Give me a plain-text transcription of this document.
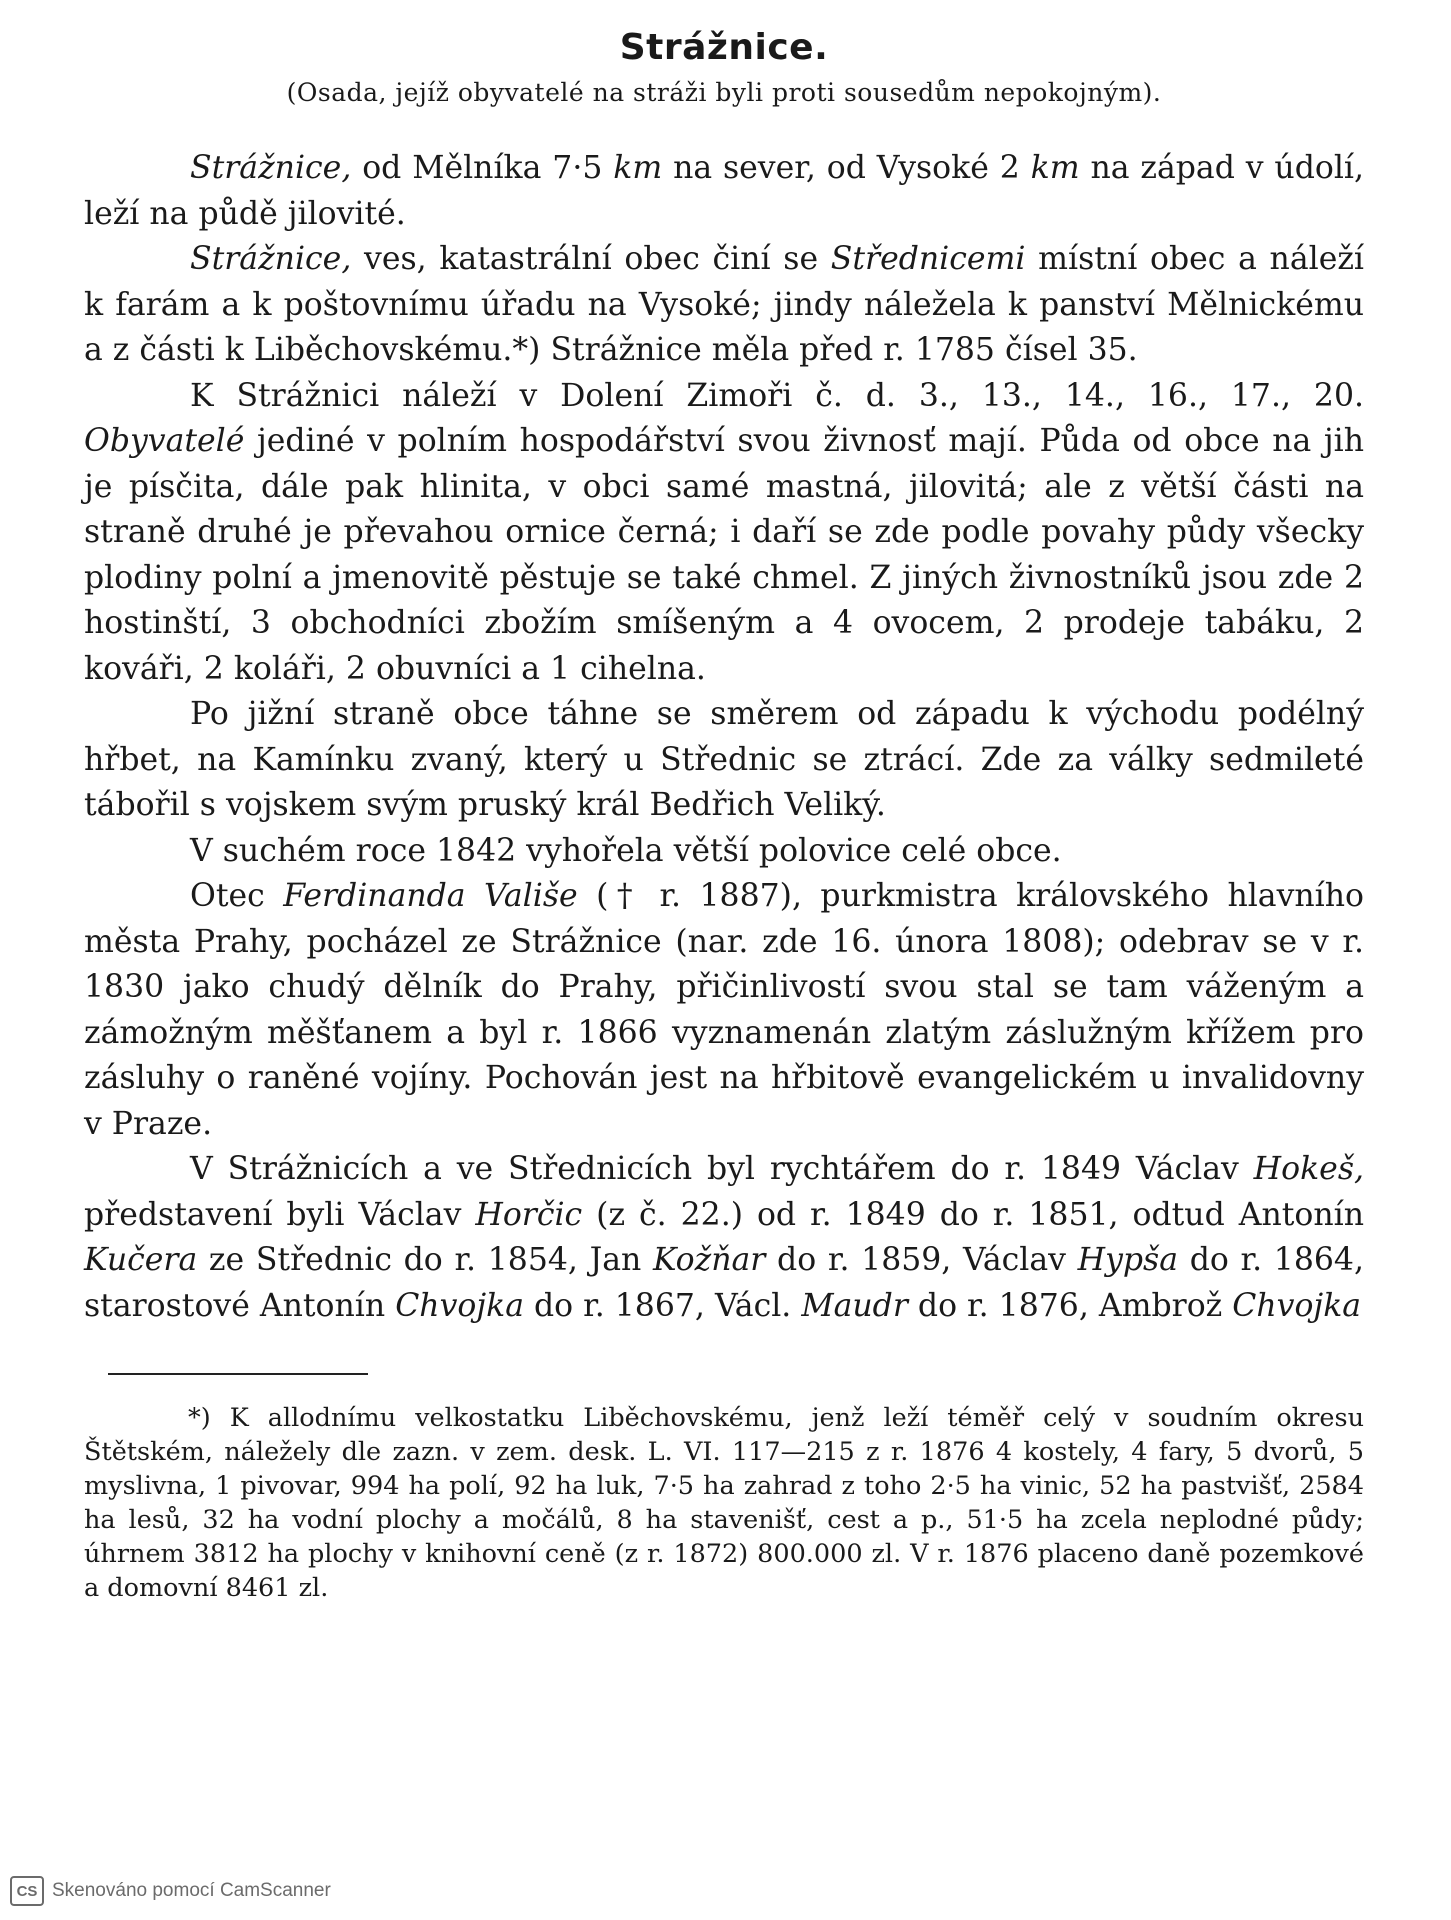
Strážnice.
(Osada, jejíž obyvatelé na stráži byli proti sousedům nepokojným).

Strážnice, od Mělníka 7·5 km na sever, od Vysoké 2 km na západ v údolí, leží na půdě jilovité.

Strážnice, ves, katastrální obec činí se Střednicemi místní obec a náleží k farám a k poštovnímu úřadu na Vysoké; jindy náležela k panství Mělnickému a z části k Liběchovskému.*) Strážnice měla před r. 1785 čísel 35.

K Strážnici náleží v Dolení Zimoři č. d. 3., 13., 14., 16., 17., 20. Obyvatelé jediné v polním hospodářství svou živnosť mají. Půda od obce na jih je písčita, dále pak hlinita, v obci samé mastná, jilovitá; ale z větší části na straně druhé je převahou ornice černá; i daří se zde podle povahy půdy všecky plodiny polní a jmenovitě pěstuje se také chmel. Z jiných živnostníků jsou zde 2 hostinští, 3 obchodníci zbožím smíšeným a 4 ovocem, 2 prodeje tabáku, 2 kováři, 2 koláři, 2 obuvníci a 1 cihelna.

Po jižní straně obce táhne se směrem od západu k východu podélný hřbet, na Kamínku zvaný, který u Střednic se ztrácí. Zde za války sedmileté tábořil s vojskem svým pruský král Bedřich Veliký.

V suchém roce 1842 vyhořela větší polovice celé obce.

Otec Ferdinanda Vališe († r. 1887), purkmistra královského hlavního města Prahy, pocházel ze Strážnice (nar. zde 16. února 1808); odebrav se v r. 1830 jako chudý dělník do Prahy, přičinlivostí svou stal se tam váženým a zámožným měšťanem a byl r. 1866 vyznamenán zlatým záslužným křížem pro zásluhy o raněné vojíny. Pochován jest na hřbitově evangelickém u invalidovny v Praze.

V Strážnicích a ve Střednicích byl rychtářem do r. 1849 Václav Hokeš, představení byli Václav Horčic (z č. 22.) od r. 1849 do r. 1851, odtud Antonín Kučera ze Střednic do r. 1854, Jan Kožňar do r. 1859, Václav Hypša do r. 1864, starostové Antonín Chvojka do r. 1867, Václ. Maudr do r. 1876, Ambrož Chvojka

*) K allodnímu velkostatku Liběchovskému, jenž leží téměř celý v soudním okresu Štětském, náležely dle zazn. v zem. desk. L. VI. 117—215 z r. 1876 4 kostely, 4 fary, 5 dvorů, 5 myslivna, 1 pivovar, 994 ha polí, 92 ha luk, 7·5 ha zahrad z toho 2·5 ha vinic, 52 ha pastvišť, 2584 ha lesů, 32 ha vodní plochy a močálů, 8 ha stavenišť, cest a p., 51·5 ha zcela neplodné půdy; úhrnem 3812 ha plochy v knihovní ceně (z r. 1872) 800.000 zl. V r. 1876 placeno daně pozemkové a domovní 8461 zl.

CS Skenováno pomocí CamScanner
